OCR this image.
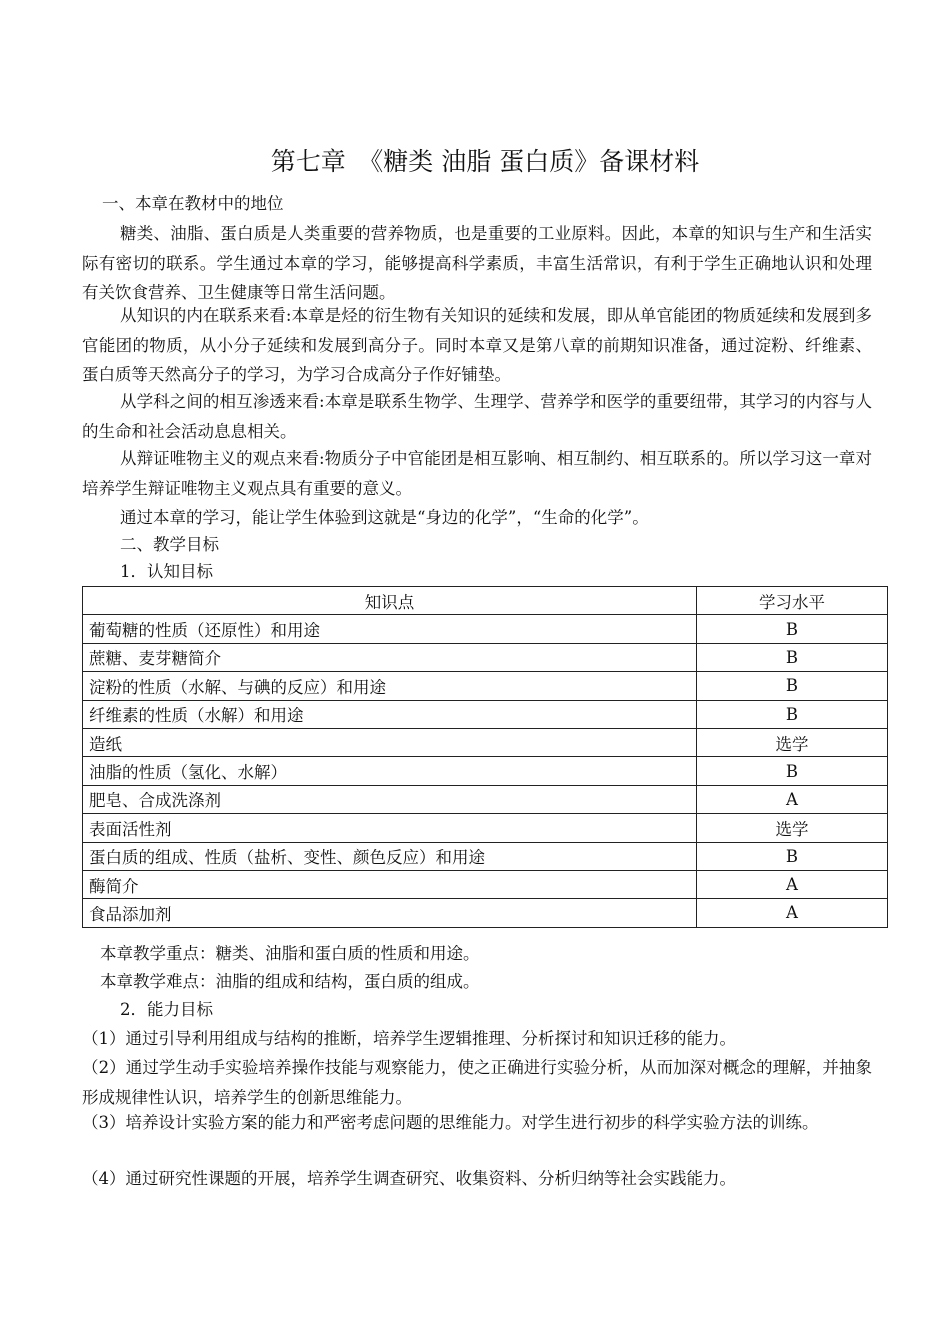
第七章　《糖类 油脂 蛋白质》备课材料
一、本章在教材中的地位
糖类、油脂、蛋白质是人类重要的营养物质，也是重要的工业原料。因此，本章的知识与生产和生活实际有密切的联系。学生通过本章的学习，能够提高科学素质，丰富生活常识，有利于学生正确地认识和处理有关饮食营养、卫生健康等日常生活问题。
从知识的内在联系来看:本章是烃的衍生物有关知识的延续和发展，即从单官能团的物质延续和发展到多官能团的物质，从小分子延续和发展到高分子。同时本章又是第八章的前期知识准备，通过淀粉、纤维素、蛋白质等天然高分子的学习，为学习合成高分子作好铺垫。
从学科之间的相互渗透来看:本章是联系生物学、生理学、营养学和医学的重要纽带，其学习的内容与人的生命和社会活动息息相关。
从辩证唯物主义的观点来看:物质分子中官能团是相互影响、相互制约、相互联系的。所以学习这一章对培养学生辩证唯物主义观点具有重要的意义。
通过本章的学习，能让学生体验到这就是“身边的化学”，“生命的化学”。
二、教学目标
1．认知目标
知识点	学习水平
葡萄糖的性质（还原性）和用途	B
蔗糖、麦芽糖简介	B
淀粉的性质（水解、与碘的反应）和用途	B
纤维素的性质（水解）和用途	B
造纸	选学
油脂的性质（氢化、水解）	B
肥皂、合成洗涤剂	A
表面活性剂	选学
蛋白质的组成、性质（盐析、变性、颜色反应）和用途	B
酶简介	A
食品添加剂	A
本章教学重点：糖类、油脂和蛋白质的性质和用途。
本章教学难点：油脂的组成和结构，蛋白质的组成。
2．能力目标
（1）通过引导利用组成与结构的推断，培养学生逻辑推理、分析探讨和知识迁移的能力。
（2）通过学生动手实验培养操作技能与观察能力，使之正确进行实验分析，从而加深对概念的理解，并抽象形成规律性认识，培养学生的创新思维能力。
（3）培养设计实验方案的能力和严密考虑问题的思维能力。对学生进行初步的科学实验方法的训练。
（4）通过研究性课题的开展，培养学生调查研究、收集资料、分析归纳等社会实践能力。
